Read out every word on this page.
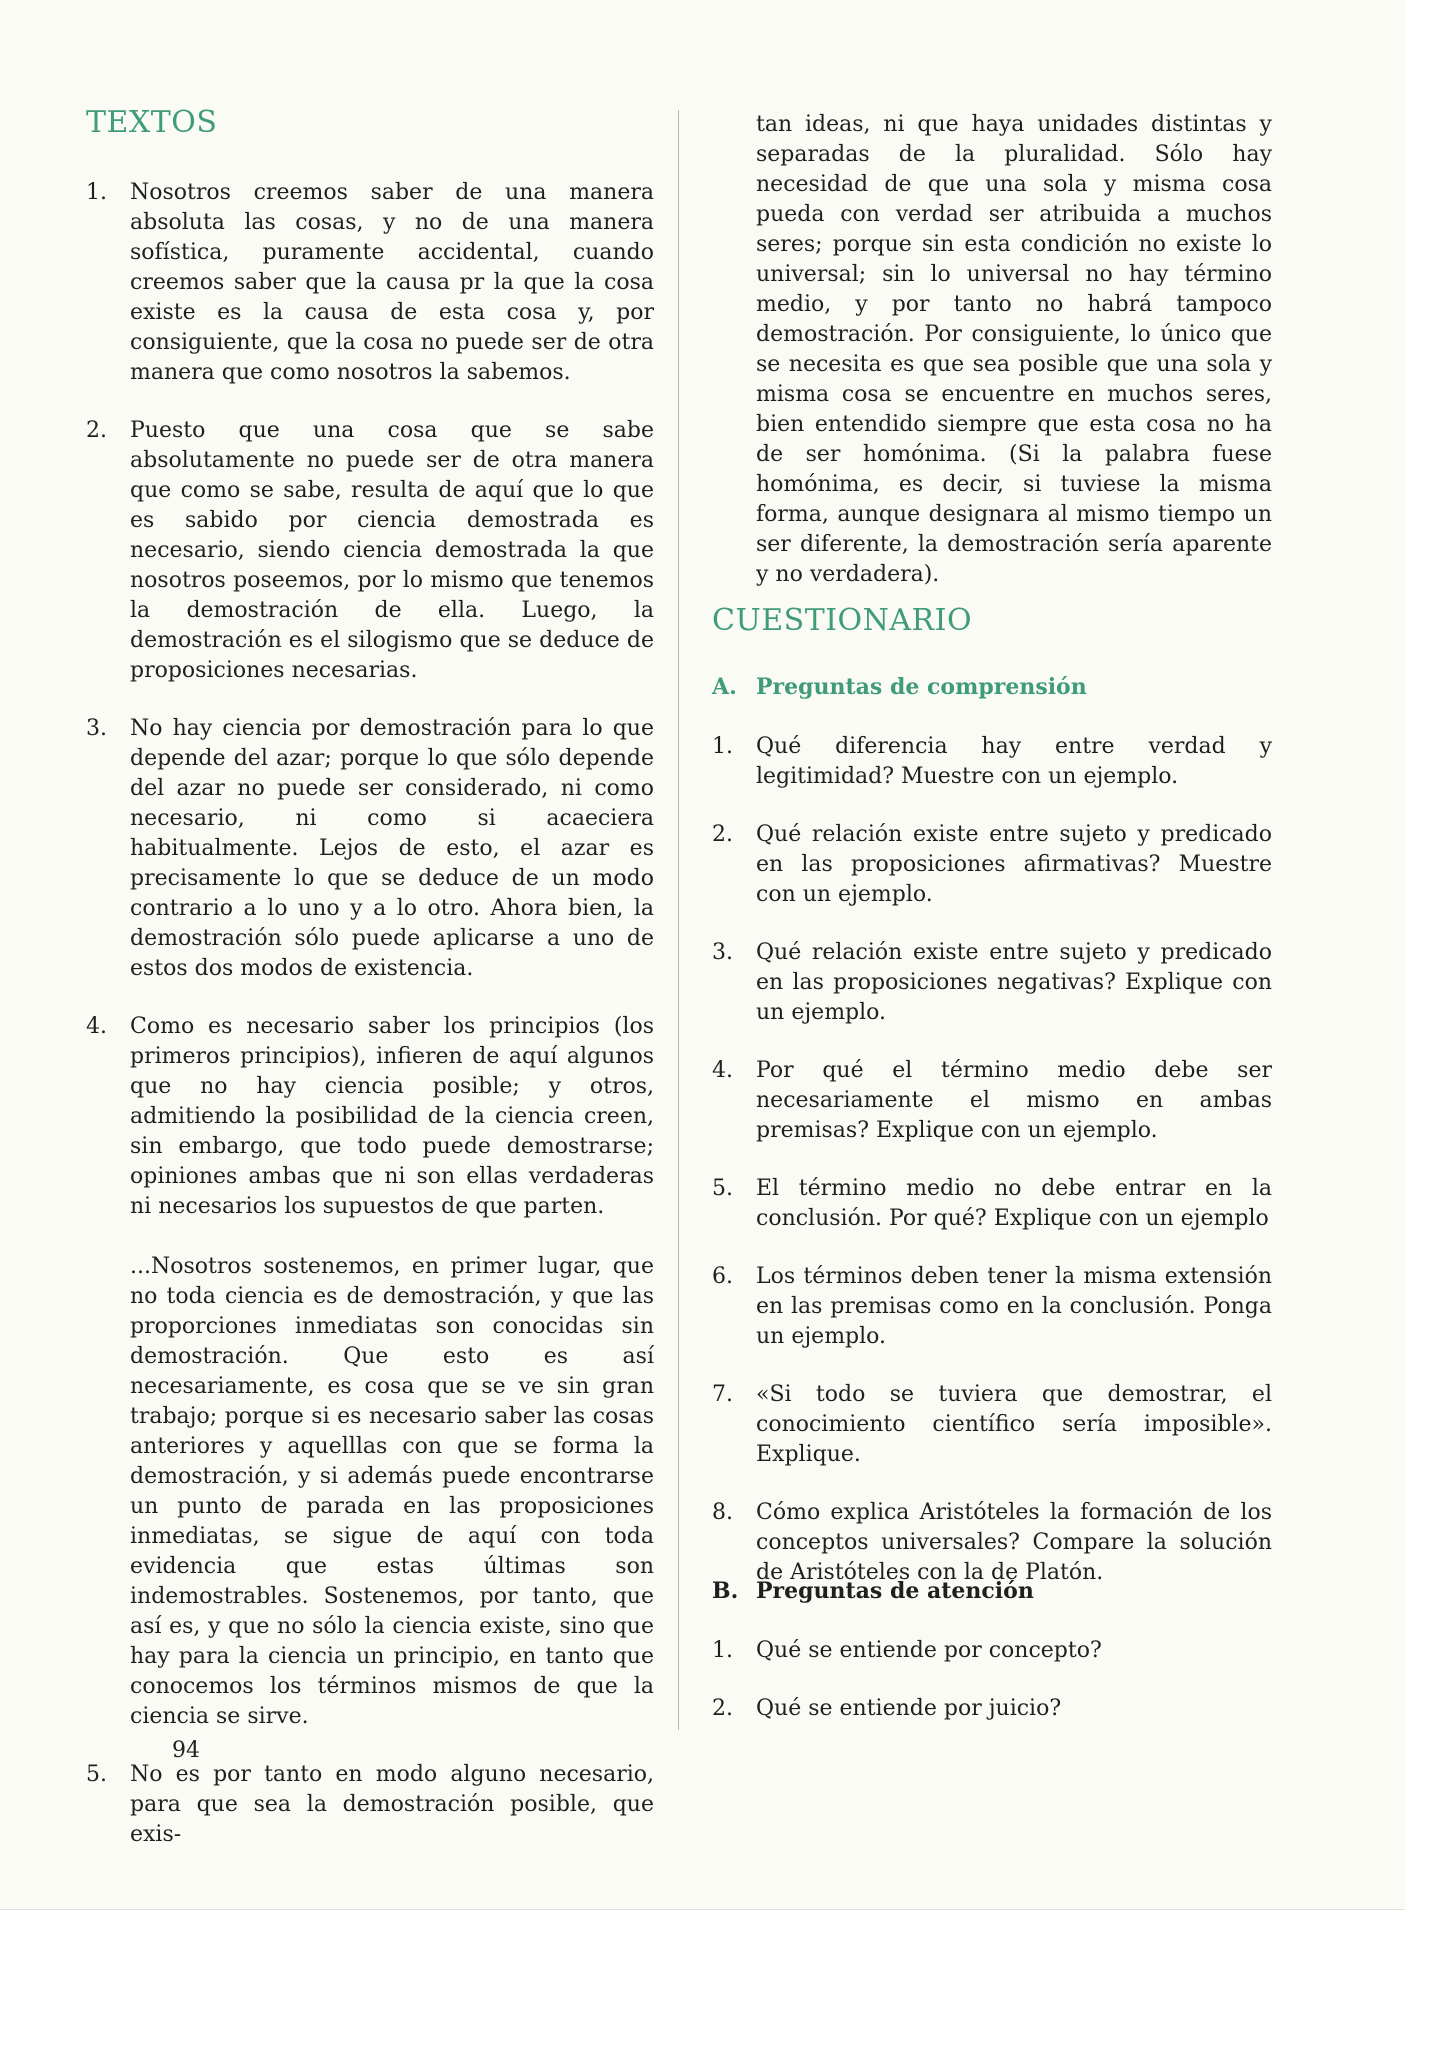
TEXTOS
1. Nosotros creemos saber de una manera absoluta las cosas, y no de una manera sofística, puramente accidental, cuando creemos saber que la causa pr la que la cosa existe es la causa de esta cosa y, por consiguiente, que la cosa no puede ser de otra manera que como nosotros la sabemos.
2. Puesto que una cosa que se sabe absolutamente no puede ser de otra manera que como se sabe, resulta de aquí que lo que es sabido por ciencia demostrada es necesario, siendo ciencia demostrada la que nosotros poseemos, por lo mismo que tenemos la demostración de ella. Luego, la demostración es el silogismo que se deduce de proposiciones necesarias.
3. No hay ciencia por demostración para lo que depende del azar; porque lo que sólo depende del azar no puede ser considerado, ni como necesario, ni como si acaeciera habitualmente. Lejos de esto, el azar es precisamente lo que se deduce de un modo contrario a lo uno y a lo otro. Ahora bien, la demostración sólo puede aplicarse a uno de estos dos modos de existencia.
4. Como es necesario saber los principios (los primeros principios), infieren de aquí algunos que no hay ciencia posible; y otros, admitiendo la posibilidad de la ciencia creen, sin embargo, que todo puede demostrarse; opiniones ambas que ni son ellas verdaderas ni necesarios los supuestos de que parten.
...Nosotros sostenemos, en primer lugar, que no toda ciencia es de demostración, y que las proporciones inmediatas son conocidas sin demostración. Que esto es así necesariamente, es cosa que se ve sin gran trabajo; porque si es necesario saber las cosas anteriores y aquelllas con que se forma la demostración, y si además puede encontrarse un punto de parada en las proposiciones inmediatas, se sigue de aquí con toda evidencia que estas últimas son indemostrables. Sostenemos, por tanto, que así es, y que no sólo la ciencia existe, sino que hay para la ciencia un principio, en tanto que conocemos los términos mismos de que la ciencia se sirve.
5. No es por tanto en modo alguno necesario, para que sea la demostración posible, que exis-

94

tan ideas, ni que haya unidades distintas y separadas de la pluralidad. Sólo hay necesidad de que una sola y misma cosa pueda con verdad ser atribuida a muchos seres; porque sin esta condición no existe lo universal; sin lo universal no hay término medio, y por tanto no habrá tampoco demostración. Por consiguiente, lo único que se necesita es que sea posible que una sola y misma cosa se encuentre en muchos seres, bien entendido siempre que esta cosa no ha de ser homónima. (Si la palabra fuese homónima, es decir, si tuviese la misma forma, aunque designara al mismo tiempo un ser diferente, la demostración sería aparente y no verdadera).

CUESTIONARIO

A. Preguntas de comprensión

1. Qué diferencia hay entre verdad y legitimidad? Muestre con un ejemplo.
2. Qué relación existe entre sujeto y predicado en las proposiciones afirmativas? Muestre con un ejemplo.
3. Qué relación existe entre sujeto y predicado en las proposiciones negativas? Explique con un ejemplo.
4. Por qué el término medio debe ser necesariamente el mismo en ambas premisas? Explique con un ejemplo.
5. El término medio no debe entrar en la conclusión. Por qué? Explique con un ejemplo
6. Los términos deben tener la misma extensión en las premisas como en la conclusión. Ponga un ejemplo.
7. «Si todo se tuviera que demostrar, el conocimiento científico sería imposible». Explique.
8. Cómo explica Aristóteles la formación de los conceptos universales? Compare la solución de Aristóteles con la de Platón.

B. Preguntas de atención

1. Qué se entiende por concepto?
2. Qué se entiende por juicio?
